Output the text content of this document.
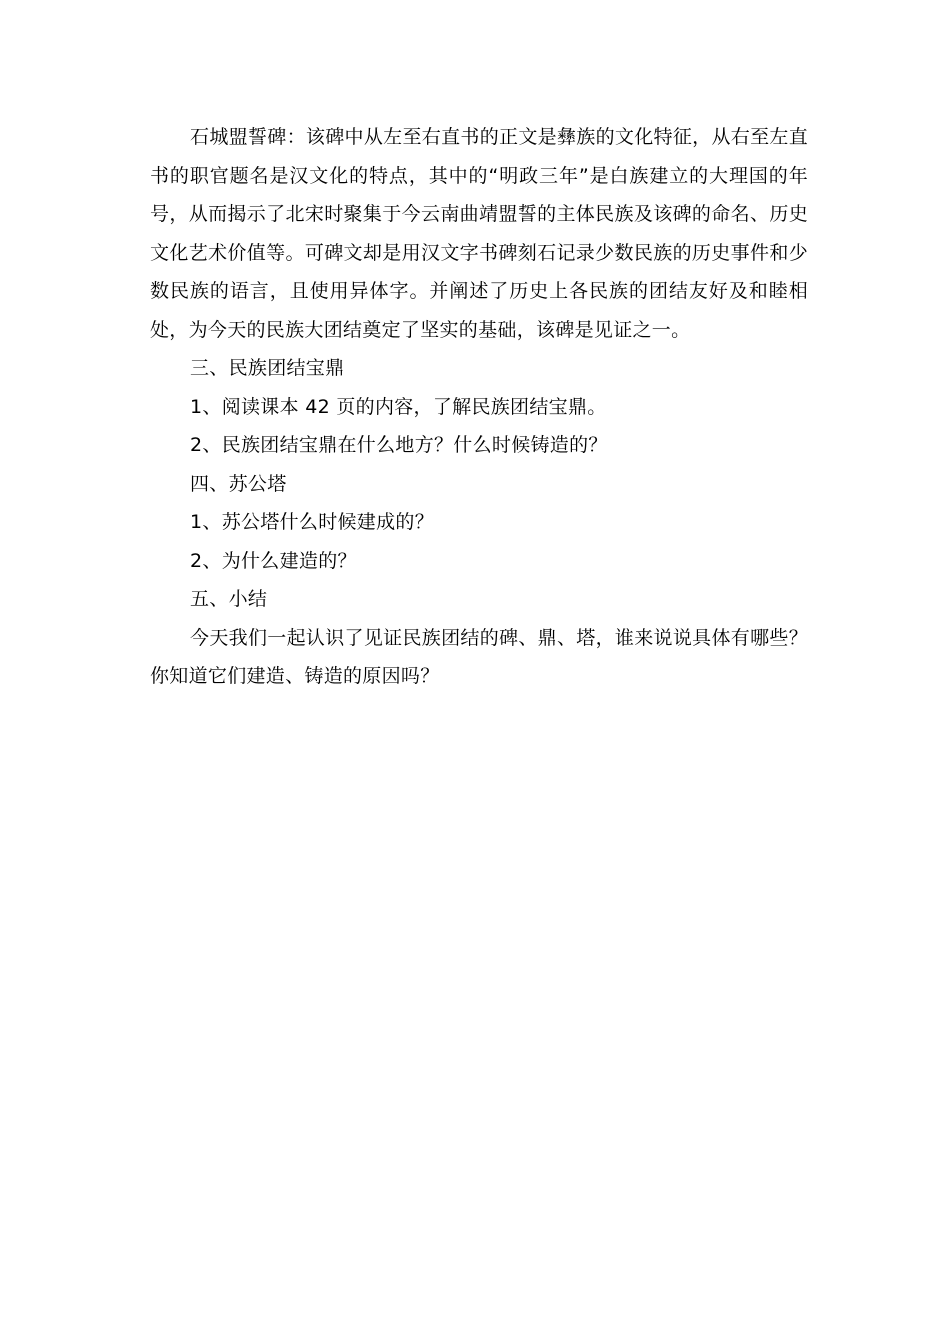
石城盟誓碑：该碑中从左至右直书的正文是彝族的文化特征，从右至左直书的职官题名是汉文化的特点，其中的“明政三年”是白族建立的大理国的年号，从而揭示了北宋时聚集于今云南曲靖盟誓的主体民族及该碑的命名、历史文化艺术价值等。可碑文却是用汉文字书碑刻石记录少数民族的历史事件和少数民族的语言，且使用异体字。并阐述了历史上各民族的团结友好及和睦相处，为今天的民族大团结奠定了坚实的基础，该碑是见证之一。

三、民族团结宝鼎

1、阅读课本 42 页的内容，了解民族团结宝鼎。

2、民族团结宝鼎在什么地方？什么时候铸造的？

四、苏公塔

1、苏公塔什么时候建成的？

2、为什么建造的？

五、小结

今天我们一起认识了见证民族团结的碑、鼎、塔，谁来说说具体有哪些？你知道它们建造、铸造的原因吗？
